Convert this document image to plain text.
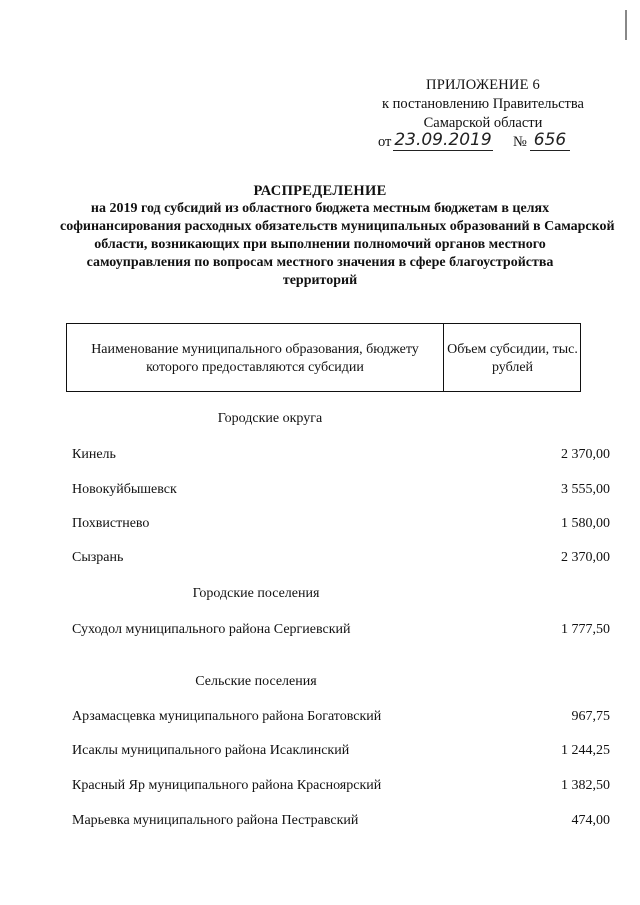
ПРИЛОЖЕНИЕ 6
к постановлению Правительства
Самарской области
от 23.09.2019 № 656
РАСПРЕДЕЛЕНИЕ
на 2019 год субсидий из областного бюджета местным бюджетам в целях
софинансирования расходных обязательств муниципальных образований в Самарской
области, возникающих при выполнении полномочий органов местного
самоуправления по вопросам местного значения в сфере благоустройства
территорий
Наименование муниципального образования, бюджету которого предоставляются субсидии
Объем субсидии, тыс. рублей
Городские округа
Кинель	2 370,00
Новокуйбышевск	3 555,00
Похвистнево	1 580,00
Сызрань	2 370,00
Городские поселения
Суходол муниципального района Сергиевский	1 777,50
Сельские поселения
Арзамасцевка муниципального района Богатовский	967,75
Исаклы муниципального района Исаклинский	1 244,25
Красный Яр муниципального района Красноярский	1 382,50
Марьевка муниципального района Пестравский	474,00
